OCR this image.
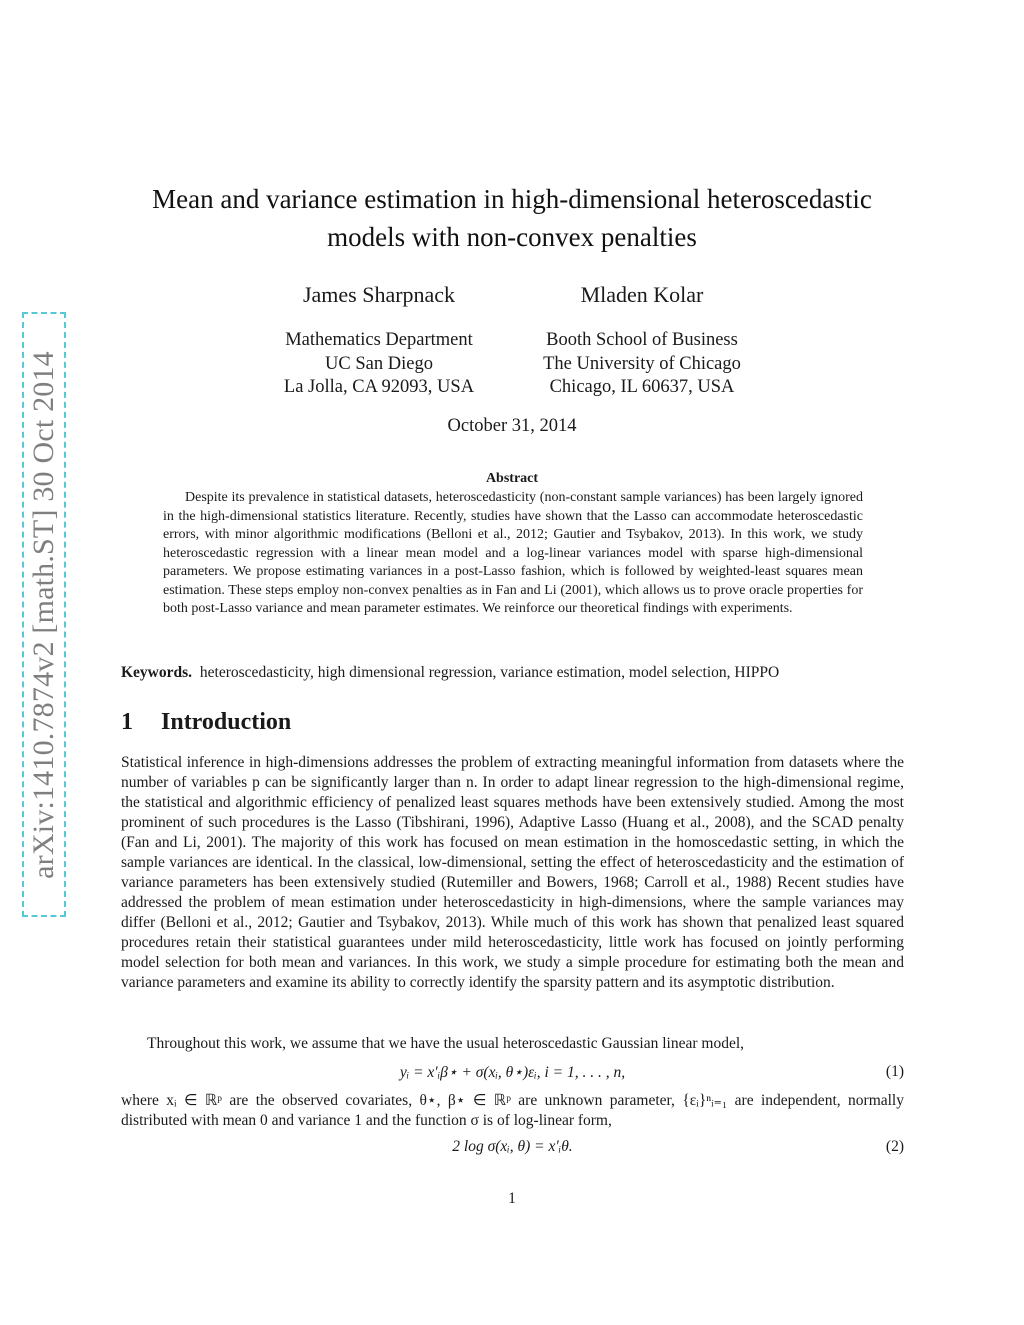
arXiv:1410.7874v2 [math.ST] 30 Oct 2014
Mean and variance estimation in high-dimensional heteroscedastic
models with non-convex penalties
James Sharpnack
Mathematics Department
UC San Diego
La Jolla, CA 92093, USA
Mladen Kolar
Booth School of Business
The University of Chicago
Chicago, IL 60637, USA
October 31, 2014
Abstract

Despite its prevalence in statistical datasets, heteroscedasticity (non-constant sample variances) has been largely ignored in the high-dimensional statistics literature. Recently, studies have shown that the Lasso can accommodate heteroscedastic errors, with minor algorithmic modifications (Belloni et al., 2012; Gautier and Tsybakov, 2013). In this work, we study heteroscedastic regression with a linear mean model and a log-linear variances model with sparse high-dimensional parameters. We propose estimating variances in a post-Lasso fashion, which is followed by weighted-least squares mean estimation. These steps employ non-convex penalties as in Fan and Li (2001), which allows us to prove oracle properties for both post-Lasso variance and mean parameter estimates. We reinforce our theoretical findings with experiments.

Keywords. heteroscedasticity, high dimensional regression, variance estimation, model selection, HIPPO
1 Introduction

Statistical inference in high-dimensions addresses the problem of extracting meaningful information from datasets where the number of variables p can be significantly larger than n. In order to adapt linear regression to the high-dimensional regime, the statistical and algorithmic efficiency of penalized least squares methods have been extensively studied. Among the most prominent of such procedures is the Lasso (Tibshirani, 1996), Adaptive Lasso (Huang et al., 2008), and the SCAD penalty (Fan and Li, 2001). The majority of this work has focused on mean estimation in the homoscedastic setting, in which the sample variances are identical. In the classical, low-dimensional, setting the effect of heteroscedasticity and the estimation of variance parameters has been extensively studied (Rutemiller and Bowers, 1968; Carroll et al., 1988) Recent studies have addressed the problem of mean estimation under heteroscedasticity in high-dimensions, where the sample variances may differ (Belloni et al., 2012; Gautier and Tsybakov, 2013). While much of this work has shown that penalized least squared procedures retain their statistical guarantees under mild heteroscedasticity, little work has focused on jointly performing model selection for both mean and variances. In this work, we study a simple procedure for estimating both the mean and variance parameters and examine its ability to correctly identify the sparsity pattern and its asymptotic distribution.

Throughout this work, we assume that we have the usual heteroscedastic Gaussian linear model,

yᵢ = x′ᵢβ⋆ + σ(xᵢ, θ⋆)εᵢ, i = 1, . . . , n,	(1)

where xᵢ ∈ ℝᵖ are the observed covariates, θ⋆, β⋆ ∈ ℝᵖ are unknown parameter, {εᵢ}ⁿᵢ₌₁ are independent, normally distributed with mean 0 and variance 1 and the function σ is of log-linear form,

2 log σ(xᵢ, θ) = x′ᵢθ.	(2)
1
